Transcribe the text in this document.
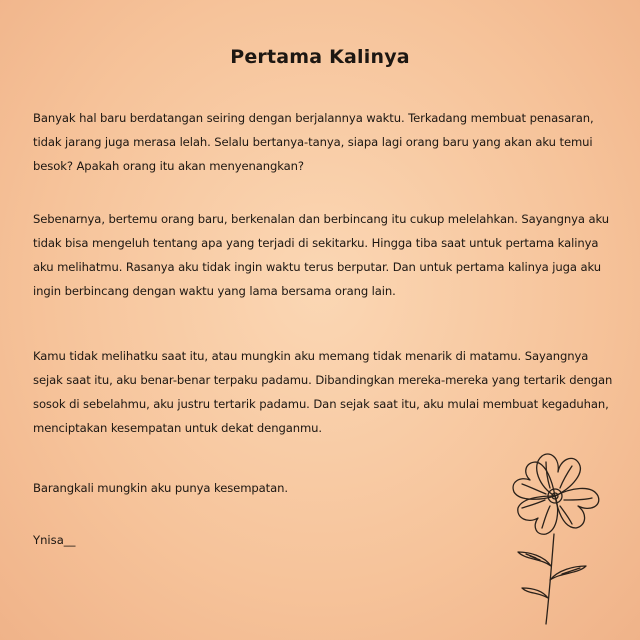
Pertama Kalinya
Banyak hal baru berdatangan seiring dengan berjalannya waktu. Terkadang membuat penasaran, tidak jarang juga merasa lelah. Selalu bertanya-tanya, siapa lagi orang baru yang akan aku temui besok? Apakah orang itu akan menyenangkan?
Sebenarnya, bertemu orang baru, berkenalan dan berbincang itu cukup melelahkan. Sayangnya aku tidak bisa mengeluh tentang apa yang terjadi di sekitarku. Hingga tiba saat untuk pertama kalinya aku melihatmu. Rasanya aku tidak ingin waktu terus berputar. Dan untuk pertama kalinya juga aku ingin berbincang dengan waktu yang lama bersama orang lain.
Kamu tidak melihatku saat itu, atau mungkin aku memang tidak menarik di matamu. Sayangnya sejak saat itu, aku benar-benar terpaku padamu. Dibandingkan mereka-mereka yang tertarik dengan sosok di sebelahmu, aku justru tertarik padamu. Dan sejak saat itu, aku mulai membuat kegaduhan, menciptakan kesempatan untuk dekat denganmu.
Barangkali mungkin aku punya kesempatan.
Ynisa__
